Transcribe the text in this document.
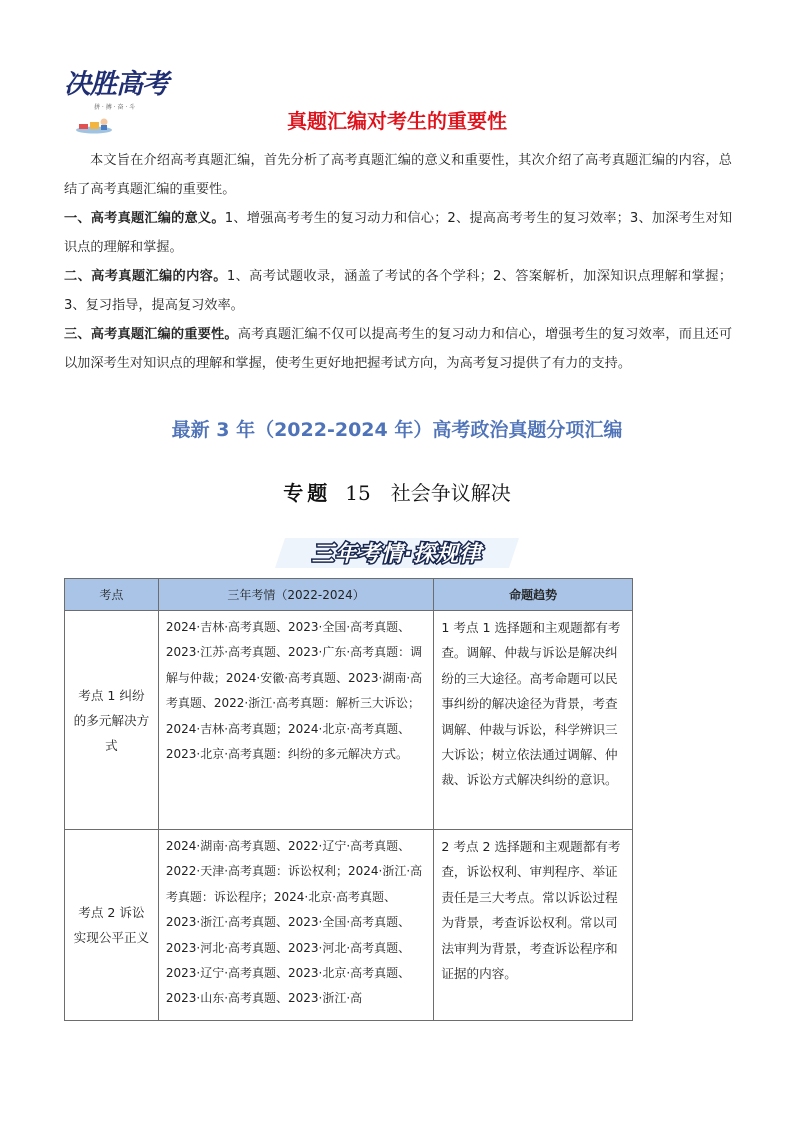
决胜高考
拼 · 搏 · 奋 · 斗
真题汇编对考生的重要性

本文旨在介绍高考真题汇编，首先分析了高考真题汇编的意义和重要性，其次介绍了高考真题汇编的内容，总结了高考真题汇编的重要性。

一、高考真题汇编的意义。1、增强高考考生的复习动力和信心；2、提高高考考生的复习效率；3、加深考生对知识点的理解和掌握。

二、高考真题汇编的内容。1、高考试题收录，涵盖了考试的各个学科；2、答案解析，加深知识点理解和掌握；3、复习指导，提高复习效率。

三、高考真题汇编的重要性。高考真题汇编不仅可以提高考生的复习动力和信心，增强考生的复习效率，而且还可以加深考生对知识点的理解和掌握，使考生更好地把握考试方向，为高考复习提供了有力的支持。

最新 3 年（2022-2024 年）高考政治真题分项汇编
专题 15 社会争议解决
三年考情·探规律
考点	三年考情（2022-2024）	命题趋势
考点 1 纠纷的多元解决方式	2024·吉林·高考真题、2023·全国·高考真题、2023·江苏·高考真题、2023·广东·高考真题：调解与仲裁；2024·安徽·高考真题、2023·湖南·高考真题、2022·浙江·高考真题：解析三大诉讼；2024·吉林·高考真题；2024·北京·高考真题、2023·北京·高考真题：纠纷的多元解决方式。	1 考点 1 选择题和主观题都有考查。调解、仲裁与诉讼是解决纠纷的三大途径。高考命题可以民事纠纷的解决途径为背景，考查调解、仲裁与诉讼，科学辨识三大诉讼；树立依法通过调解、仲裁、诉讼方式解决纠纷的意识。
考点 2 诉讼实现公平正义	2024·湖南·高考真题、2022·辽宁·高考真题、2022·天津·高考真题：诉讼权利；2024·浙江·高考真题：诉讼程序；2024·北京·高考真题、2023·浙江·高考真题、2023·全国·高考真题、2023·河北·高考真题、2023·河北·高考真题、2023·辽宁·高考真题、2023·北京·高考真题、2023·山东·高考真题、2023·浙江·高	2 考点 2 选择题和主观题都有考查，诉讼权利、审判程序、举证责任是三大考点。常以诉讼过程为背景，考查诉讼权利。常以司法审判为背景，考查诉讼程序和证据的内容。
